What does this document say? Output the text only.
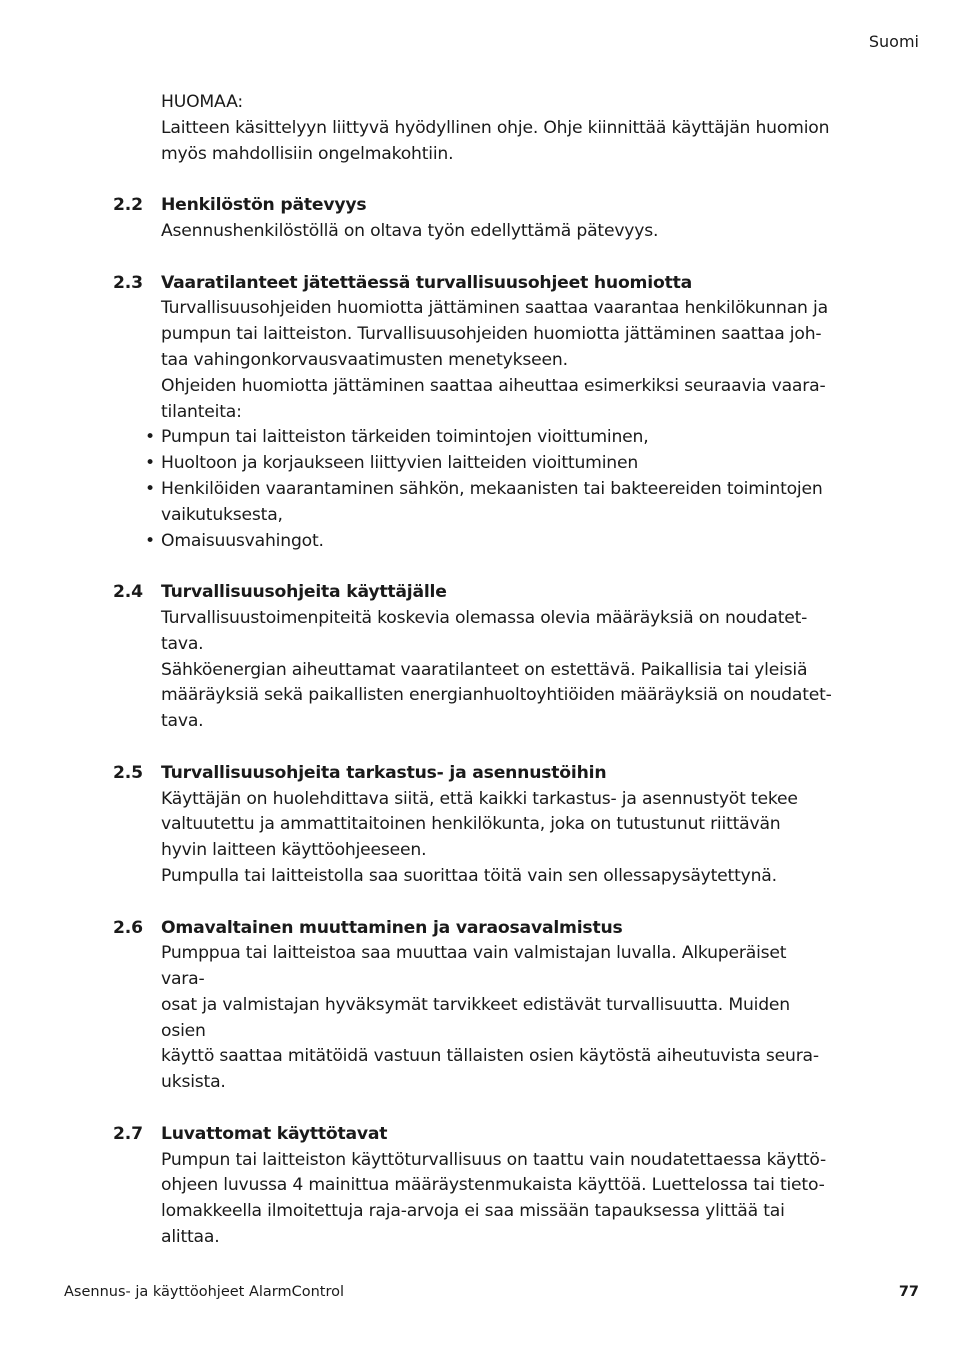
Suomi
HUOMAA:
Laitteen käsittelyyn liittyvä hyödyllinen ohje. Ohje kiinnittää käyttäjän huomion
myös mahdollisiin ongelmakohtiin.
2.2	Henkilöstön pätevyys
Asennushenkilöstöllä on oltava työn edellyttämä pätevyys.
2.3	Vaaratilanteet jätettäessä turvallisuusohjeet huomiotta
Turvallisuusohjeiden huomiotta jättäminen saattaa vaarantaa henkilökunnan ja
pumpun tai laitteiston. Turvallisuusohjeiden huomiotta jättäminen saattaa joh-
taa vahingonkorvausvaatimusten menetykseen.
Ohjeiden huomiotta jättäminen saattaa aiheuttaa esimerkiksi seuraavia vaara-
tilanteita:
• Pumpun tai laitteiston tärkeiden toimintojen vioittuminen,
• Huoltoon ja korjaukseen liittyvien laitteiden vioittuminen
• Henkilöiden vaarantaminen sähkön, mekaanisten tai bakteereiden toimintojen
vaikutuksesta,
• Omaisuusvahingot.
2.4	Turvallisuusohjeita käyttäjälle
Turvallisuustoimenpiteitä koskevia olemassa olevia määräyksiä on noudatet-
tava.
Sähköenergian aiheuttamat vaaratilanteet on estettävä. Paikallisia tai yleisiä
määräyksiä sekä paikallisten energianhuoltoyhtiöiden määräyksiä on noudatet-
tava.
2.5	Turvallisuusohjeita tarkastus- ja asennustöihin
Käyttäjän on huolehdittava siitä, että kaikki tarkastus- ja asennustyöt tekee
valtuutettu ja ammattitaitoinen henkilökunta, joka on tutustunut riittävän
hyvin laitteen käyttöohjeeseen.
Pumpulla tai laitteistolla saa suorittaa töitä vain sen ollessapysäytettynä.
2.6	Omavaltainen muuttaminen ja varaosavalmistus
Pumppua tai laitteistoa saa muuttaa vain valmistajan luvalla. Alkuperäiset vara-
osat ja valmistajan hyväksymät tarvikkeet edistävät turvallisuutta. Muiden osien
käyttö saattaa mitätöidä vastuun tällaisten osien käytöstä aiheutuvista seura-
uksista.
2.7	Luvattomat käyttötavat
Pumpun tai laitteiston käyttöturvallisuus on taattu vain noudatettaessa käyttö-
ohjeen luvussa 4 mainittua määräystenmukaista käyttöä. Luettelossa tai tieto-
lomakkeella ilmoitettuja raja-arvoja ei saa missään tapauksessa ylittää tai
alittaa.
Asennus- ja käyttöohjeet AlarmControl	77
